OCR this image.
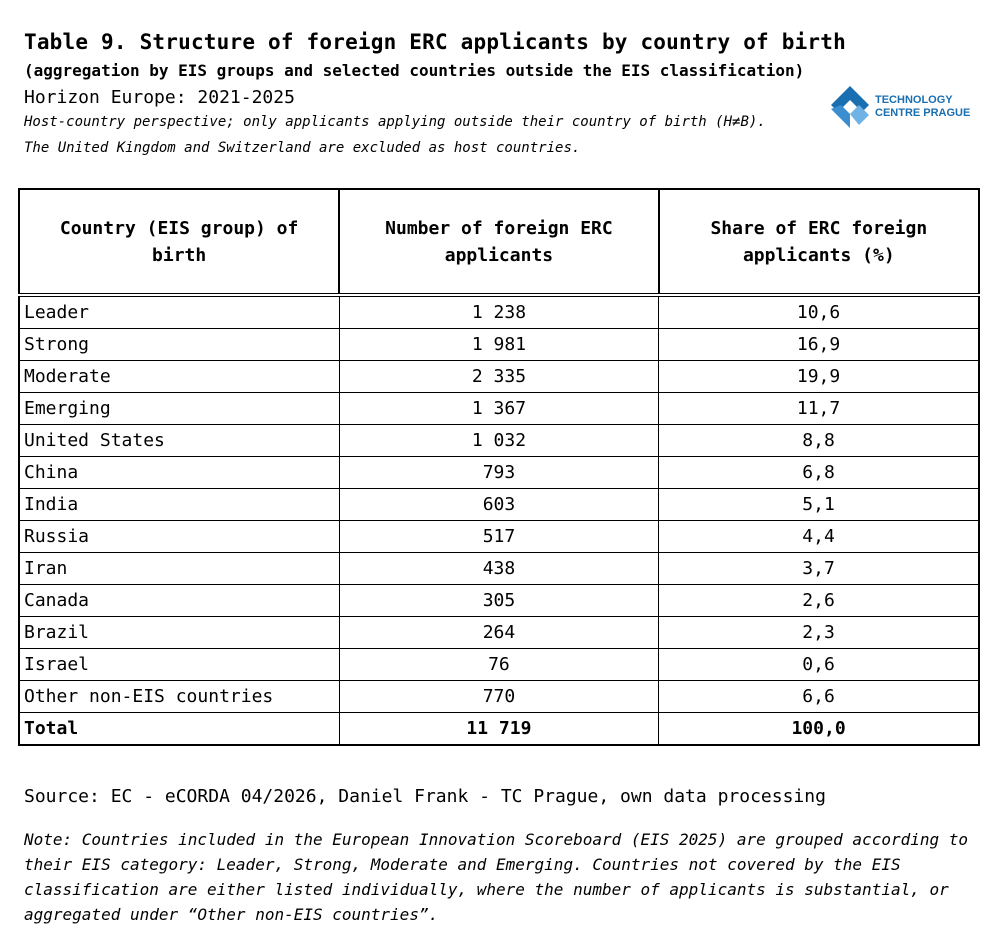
Table 9. Structure of foreign ERC applicants by country of birth
(aggregation by EIS groups and selected countries outside the EIS classification)
Horizon Europe: 2021-2025
Host-country perspective; only applicants applying outside their country of birth (H≠B).
The United Kingdom and Switzerland are excluded as host countries.
TECHNOLOGY
CENTRE PRAGUE
Country (EIS group) of birth	Number of foreign ERC applicants	Share of ERC foreign applicants (%)
Leader	1 238	10,6
Strong	1 981	16,9
Moderate	2 335	19,9
Emerging	1 367	11,7
United States	1 032	8,8
China	793	6,8
India	603	5,1
Russia	517	4,4
Iran	438	3,7
Canada	305	2,6
Brazil	264	2,3
Israel	76	0,6
Other non-EIS countries	770	6,6
Total	11 719	100,0
Source: EC - eCORDA 04/2026, Daniel Frank - TC Prague, own data processing
Note: Countries included in the European Innovation Scoreboard (EIS 2025) are grouped according to their EIS category: Leader, Strong, Moderate and Emerging. Countries not covered by the EIS classification are either listed individually, where the number of applicants is substantial, or aggregated under “Other non-EIS countries”.
